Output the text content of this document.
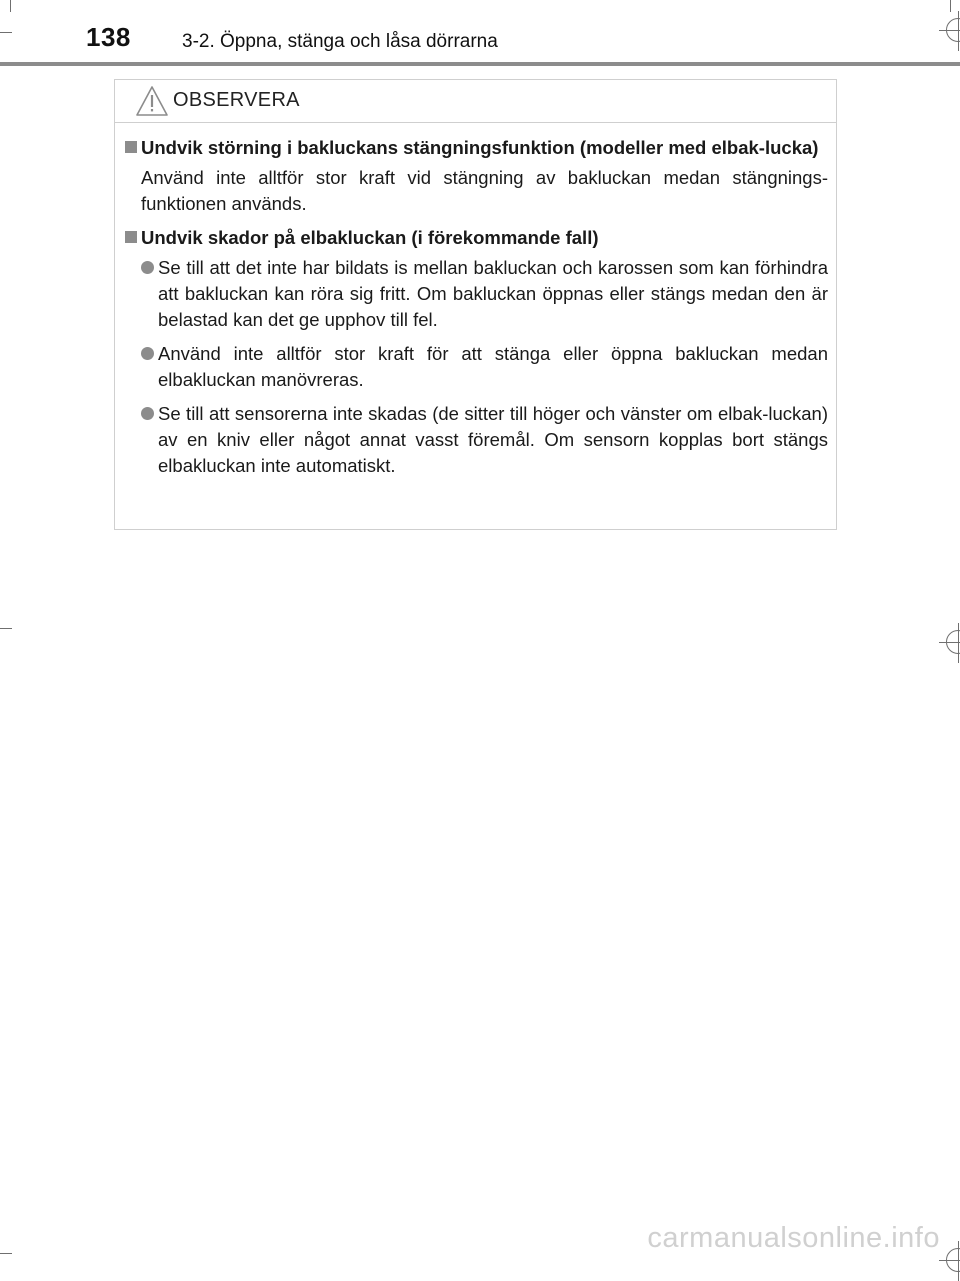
138	3-2. Öppna, stänga och låsa dörrarna
OBSERVERA
Undvik störning i bakluckans stängningsfunktion (modeller med elbak-lucka)

Använd inte alltför stor kraft vid stängning av bakluckan medan stängnings-funktionen används.

Undvik skador på elbakluckan (i förekommande fall)
Se till att det inte har bildats is mellan bakluckan och karossen som kan förhindra att bakluckan kan röra sig fritt. Om bakluckan öppnas eller stängs medan den är belastad kan det ge upphov till fel.
Använd inte alltför stor kraft för att stänga eller öppna bakluckan medan elbakluckan manövreras.
Se till att sensorerna inte skadas (de sitter till höger och vänster om elbak-luckan) av en kniv eller något annat vasst föremål. Om sensorn kopplas bort stängs elbakluckan inte automatiskt.
carmanualsonline.info
